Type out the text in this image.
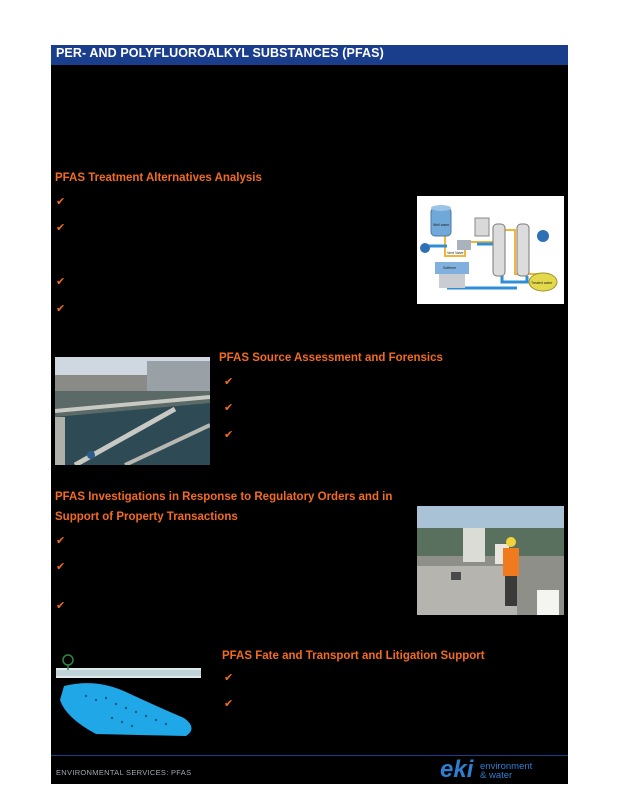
PER- AND POLYFLUOROALKYL SUBSTANCES (PFAS)
PFAS Treatment Alternatives Analysis
✔
✔
✔
✔
Well water
Softener
Vent Valve
Treated water
PFAS Source Assessment and Forensics
✔
✔
✔
PFAS Investigations in Response to Regulatory Orders and in
Support of Property Transactions
✔
✔
✔
PFAS Fate and Transport and Litigation Support
✔
✔
ENVIRONMENTAL SERVICES: PFAS	eki environment
& water
